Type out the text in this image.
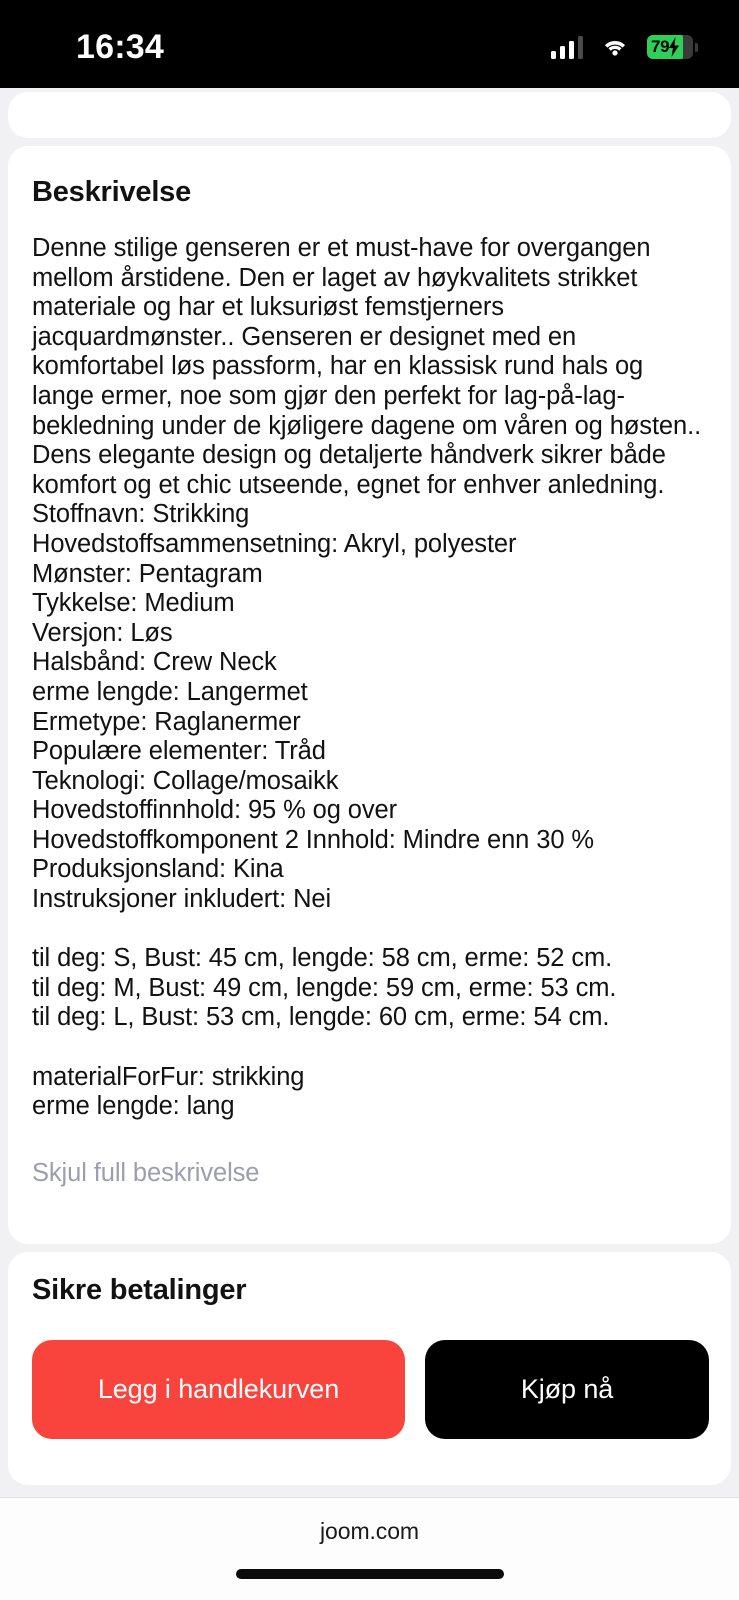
16:34	79
Beskrivelse

Denne stilige genseren er et must-have for overgangen mellom årstidene. Den er laget av høykvalitets strikket materiale og har et luksuriøst femstjerners jacquardmønster.. Genseren er designet med en komfortabel løs passform, har en klassisk rund hals og lange ermer, noe som gjør den perfekt for lag-på-lag-bekledning under de kjøligere dagene om våren og høsten.. Dens elegante design og detaljerte håndverk sikrer både komfort og et chic utseende, egnet for enhver anledning.

Stoffnavn: Strikking

Hovedstoffsammensetning: Akryl, polyester

Mønster: Pentagram

Tykkelse: Medium

Versjon: Løs

Halsbånd: Crew Neck

erme lengde: Langermet

Ermetype: Raglanermer

Populære elementer: Tråd

Teknologi: Collage/mosaikk

Hovedstoffinnhold: 95 % og over

Hovedstoffkomponent 2 Innhold: Mindre enn 30 %

Produksjonsland: Kina

Instruksjoner inkludert: Nei

til deg: S, Bust: 45 cm, lengde: 58 cm, erme: 52 cm.

til deg: M, Bust: 49 cm, lengde: 59 cm, erme: 53 cm.

til deg: L, Bust: 53 cm, lengde: 60 cm, erme: 54 cm.

materialForFur: strikking

erme lengde: lang

Skjul full beskrivelse
Sikre betalinger
Legg i handlekurven	Kjøp nå
joom.com
